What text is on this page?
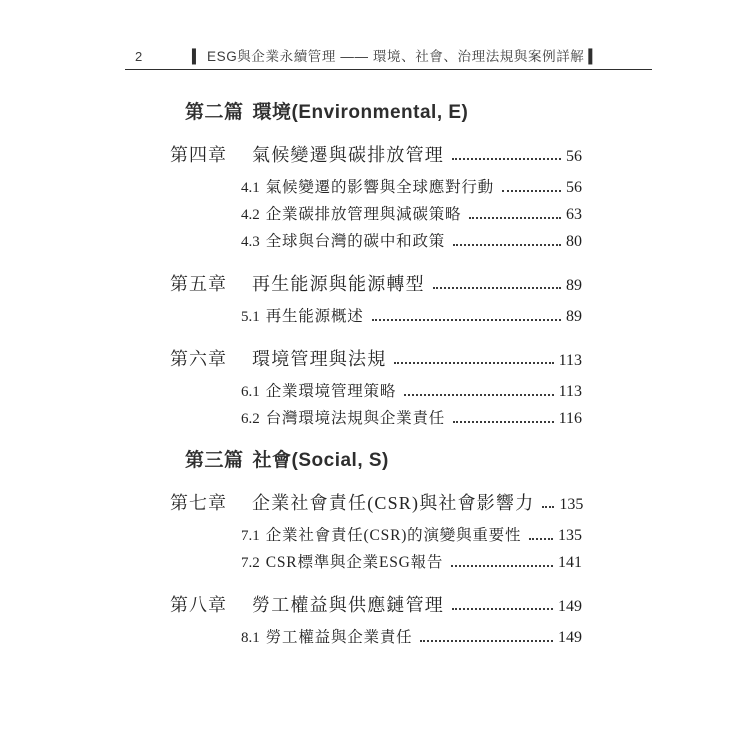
2	▍ ESG與企業永續管理 —— 環境、社會、治理法規與案例詳解 ▍
第二篇 環境(Environmental, E)
第四章	氣候變遷與碳排放管理	56
4.1 氣候變遷的影響與全球應對行動	56
4.2 企業碳排放管理與減碳策略	63
4.3 全球與台灣的碳中和政策	80
第五章	再生能源與能源轉型	89
5.1 再生能源概述	89
第六章	環境管理與法規	113
6.1 企業環境管理策略	113
6.2 台灣環境法規與企業責任	116
第三篇 社會(Social, S)
第七章	企業社會責任(CSR)與社會影響力 135
7.1 企業社會責任(CSR)的演變與重要性 135
7.2 CSR標準與企業ESG報告	141
第八章	勞工權益與供應鏈管理	149
8.1 勞工權益與企業責任	149
